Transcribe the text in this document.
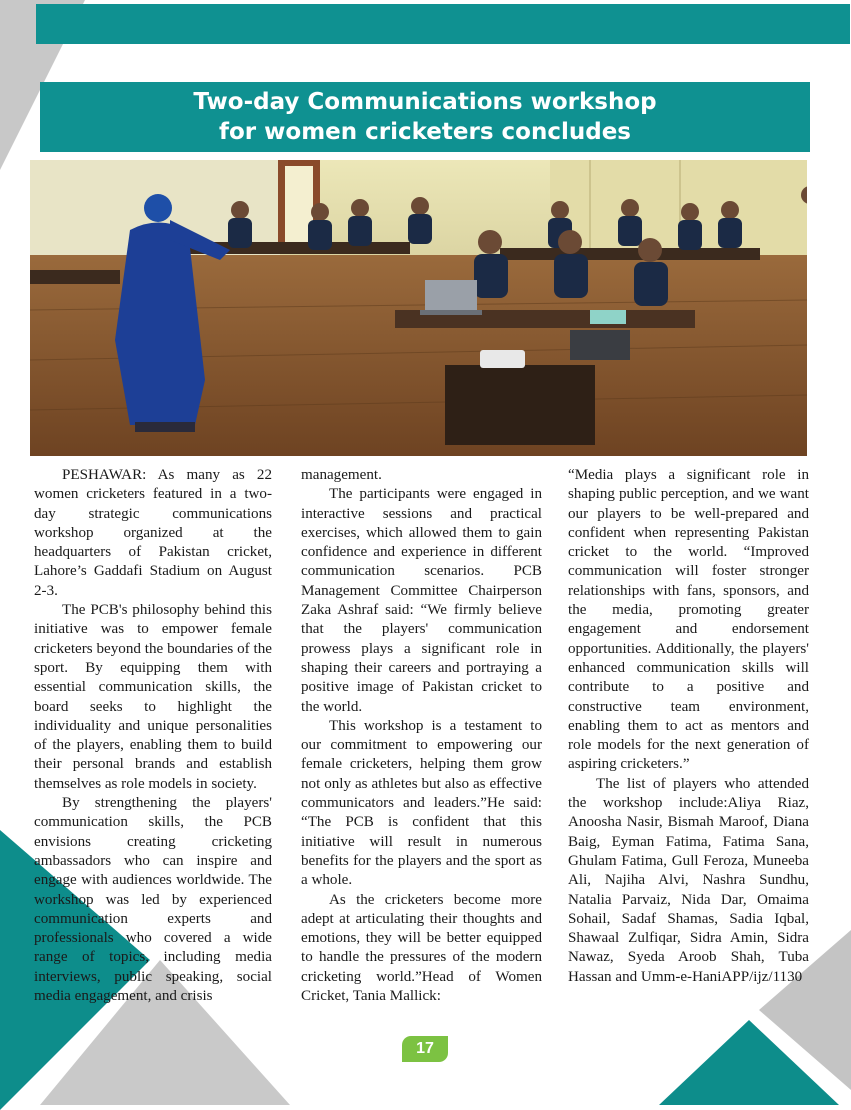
Two-day Communications workshop
for women cricketers concludes

PESHAWAR: As many as 22 women cricketers featured in a two-day strategic communications workshop organized at the headquarters of Pakistan cricket, Lahore’s Gaddafi Stadium on August 2-3.

The PCB's philosophy behind this initiative was to empower female cricketers beyond the boundaries of the sport. By equipping them with essential communication skills, the board seeks to highlight the individuality and unique personalities of the players, enabling them to build their personal brands and establish themselves as role models in society.

By strengthening the players' communication skills, the PCB envisions creating cricketing ambassadors who can inspire and engage with audiences worldwide. The workshop was led by experienced communication experts and professionals who covered a wide range of topics, including media interviews, public speaking, social media engagement, and crisis

management.

The participants were engaged in interactive sessions and practical exercises, which allowed them to gain confidence and experience in different communication scenarios. PCB Management Committee Chairperson Zaka Ashraf said: “We firmly believe that the players' communication prowess plays a significant role in shaping their careers and portraying a positive image of Pakistan cricket to the world.

This workshop is a testament to our commitment to empowering our female cricketers, helping them grow not only as athletes but also as effective communicators and leaders.”He said: “The PCB is confident that this initiative will result in numerous benefits for the players and the sport as a whole.

As the cricketers become more adept at articulating their thoughts and emotions, they will be better equipped to handle the pressures of the modern cricketing world.”Head of Women Cricket, Tania Mallick:

“Media plays a significant role in shaping public perception, and we want our players to be well-prepared and confident when representing Pakistan cricket to the world. “Improved communication will foster stronger relationships with fans, sponsors, and the media, promoting greater engagement and endorsement opportunities. Additionally, the players' enhanced communication skills will contribute to a positive and constructive team environment, enabling them to act as mentors and role models for the next generation of aspiring cricketers.”

The list of players who attended the workshop include:Aliya Riaz, Anoosha Nasir, Bismah Maroof, Diana Baig, Eyman Fatima, Fatima Sana, Ghulam Fatima, Gull Feroza, Muneeba Ali, Najiha Alvi, Nashra Sundhu, Natalia Parvaiz, Nida Dar, Omaima Sohail, Sadaf Shamas, Sadia Iqbal, Shawaal Zulfiqar, Sidra Amin, Sidra Nawaz, Syeda Aroob Shah, Tuba Hassan and Umm-e-HaniAPP/ijz/1130

17
